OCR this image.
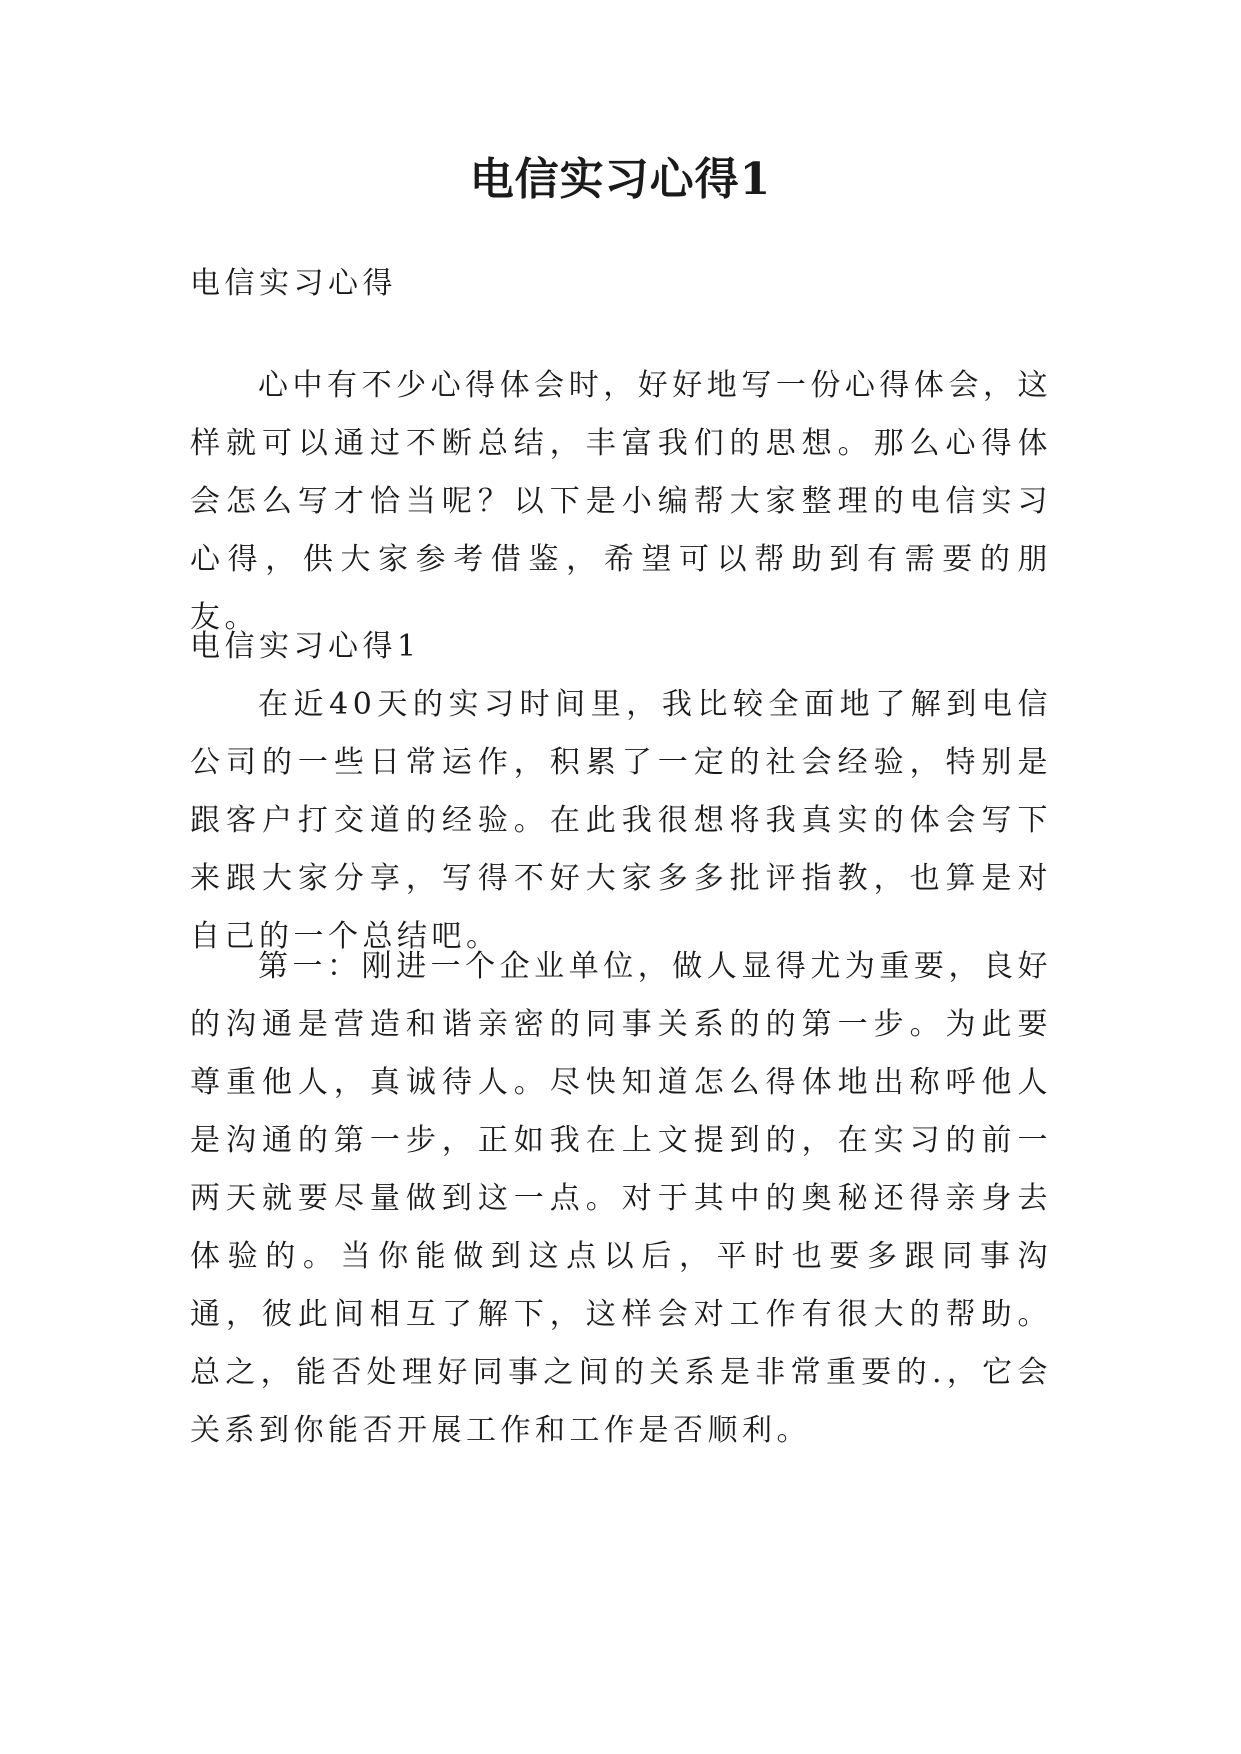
电信实习心得1

电信实习心得

心中有不少心得体会时，好好地写一份心得体会，这样就可以通过不断总结，丰富我们的思想。那么心得体会怎么写才恰当呢？以下是小编帮大家整理的电信实习心得，供大家参考借鉴，希望可以帮助到有需要的朋友。

电信实习心得1

在近40天的实习时间里，我比较全面地了解到电信公司的一些日常运作，积累了一定的社会经验，特别是跟客户打交道的经验。在此我很想将我真实的体会写下来跟大家分享，写得不好大家多多批评指教，也算是对自己的一个总结吧。

第一：刚进一个企业单位，做人显得尤为重要，良好的沟通是营造和谐亲密的同事关系的的第一步。为此要尊重他人，真诚待人。尽快知道怎么得体地出称呼他人是沟通的第一步，正如我在上文提到的，在实习的前一两天就要尽量做到这一点。对于其中的奥秘还得亲身去体验的。当你能做到这点以后，平时也要多跟同事沟通，彼此间相互了解下，这样会对工作有很大的帮助。总之，能否处理好同事之间的关系是非常重要的.，它会关系到你能否开展工作和工作是否顺利。
